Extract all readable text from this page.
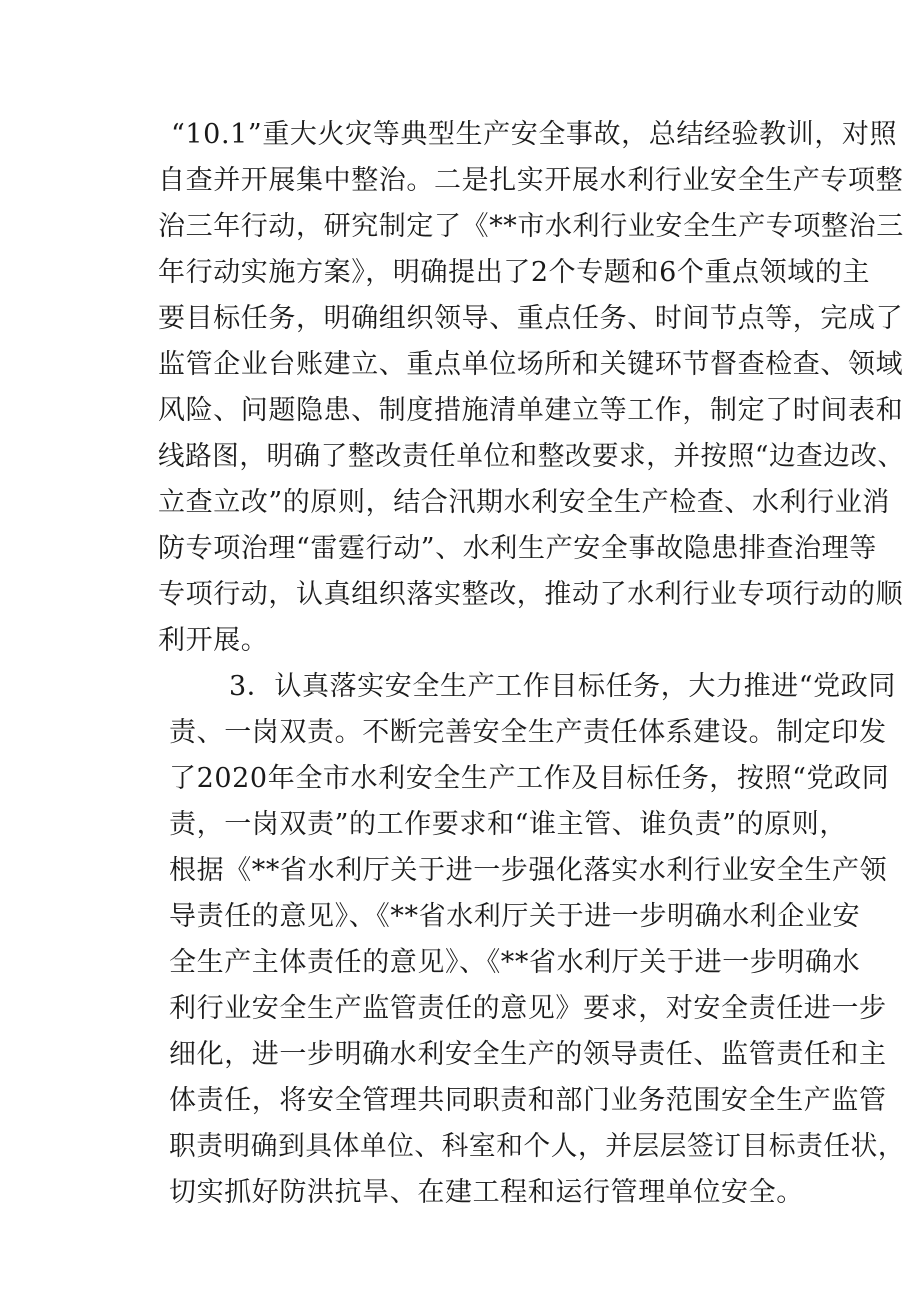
“10.1”重大火灾等典型生产安全事故，总结经验教训，对照
自查并开展集中整治。二是扎实开展水利行业安全生产专项整
治三年行动，研究制定了《**市水利行业安全生产专项整治三
年行动实施方案》，明确提出了2个专题和6个重点领域的主
要目标任务，明确组织领导、重点任务、时间节点等，完成了
监管企业台账建立、重点单位场所和关键环节督查检查、领域
风险、问题隐患、制度措施清单建立等工作，制定了时间表和
线路图，明确了整改责任单位和整改要求，并按照“边查边改、
立查立改”的原则，结合汛期水利安全生产检查、水利行业消
防专项治理“雷霆行动”、水利生产安全事故隐患排查治理等
专项行动，认真组织落实整改，推动了水利行业专项行动的顺
利开展。
3．认真落实安全生产工作目标任务，大力推进“党政同
责、一岗双责。不断完善安全生产责任体系建设。制定印发
了2020年全市水利安全生产工作及目标任务，按照“党政同
责，一岗双责”的工作要求和“谁主管、谁负责”的原则，
根据《**省水利厅关于进一步强化落实水利行业安全生产领
导责任的意见》、《**省水利厅关于进一步明确水利企业安
全生产主体责任的意见》、《**省水利厅关于进一步明确水
利行业安全生产监管责任的意见》要求，对安全责任进一步
细化，进一步明确水利安全生产的领导责任、监管责任和主
体责任，将安全管理共同职责和部门业务范围安全生产监管
职责明确到具体单位、科室和个人，并层层签订目标责任状，
切实抓好防洪抗旱、在建工程和运行管理单位安全。
